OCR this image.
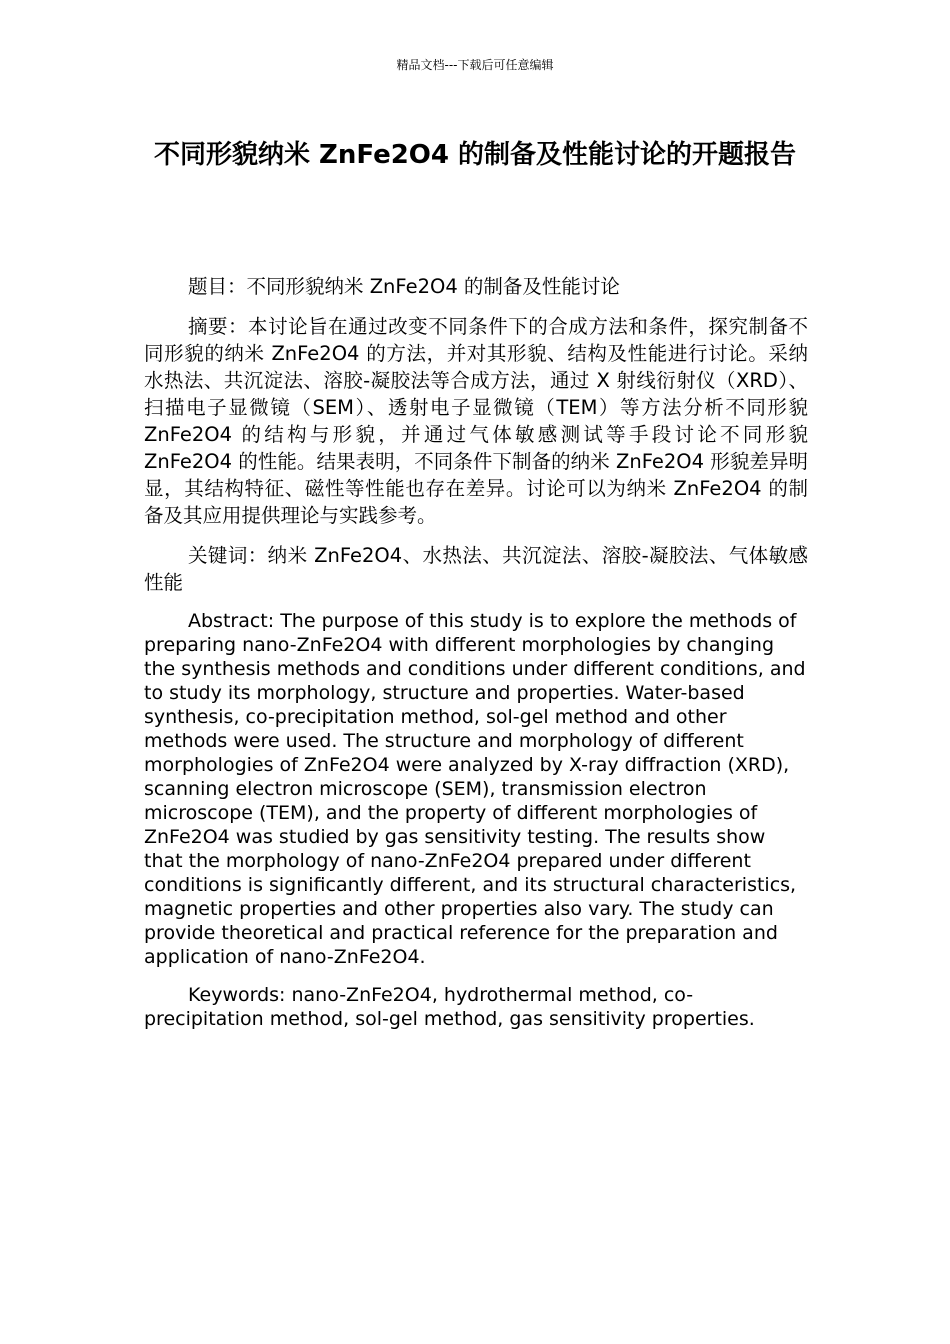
精品文档---下载后可任意编辑
不同形貌纳米 ZnFe2O4 的制备及性能讨论的开题报告

题目：不同形貌纳米 ZnFe2O4 的制备及性能讨论

摘要：本讨论旨在通过改变不同条件下的合成方法和条件，探究制备不同形貌的纳米 ZnFe2O4 的方法，并对其形貌、结构及性能进行讨论。采纳水热法、共沉淀法、溶胶-凝胶法等合成方法，通过 X 射线衍射仪（XRD）、扫描电子显微镜（SEM）、透射电子显微镜（TEM）等方法分析不同形貌 ZnFe2O4 的结构与形貌，并通过气体敏感测试等手段讨论不同形貌 ZnFe2O4 的性能。结果表明，不同条件下制备的纳米 ZnFe2O4 形貌差异明显，其结构特征、磁性等性能也存在差异。讨论可以为纳米 ZnFe2O4 的制备及其应用提供理论与实践参考。

关键词：纳米 ZnFe2O4、水热法、共沉淀法、溶胶-凝胶法、气体敏感性能

Abstract: The purpose of this study is to explore the methods of preparing nano-ZnFe2O4 with different morphologies by changing the synthesis methods and conditions under different conditions, and to study its morphology, structure and properties. Water-based synthesis, co-precipitation method, sol-gel method and other methods were used. The structure and morphology of different morphologies of ZnFe2O4 were analyzed by X-ray diffraction (XRD), scanning electron microscope (SEM), transmission electron microscope (TEM), and the property of different morphologies of ZnFe2O4 was studied by gas sensitivity testing. The results show that the morphology of nano-ZnFe2O4 prepared under different conditions is significantly different, and its structural characteristics, magnetic properties and other properties also vary. The study can provide theoretical and practical reference for the preparation and application of nano-ZnFe2O4.

Keywords: nano-ZnFe2O4, hydrothermal method, co-precipitation method, sol-gel method, gas sensitivity properties.
